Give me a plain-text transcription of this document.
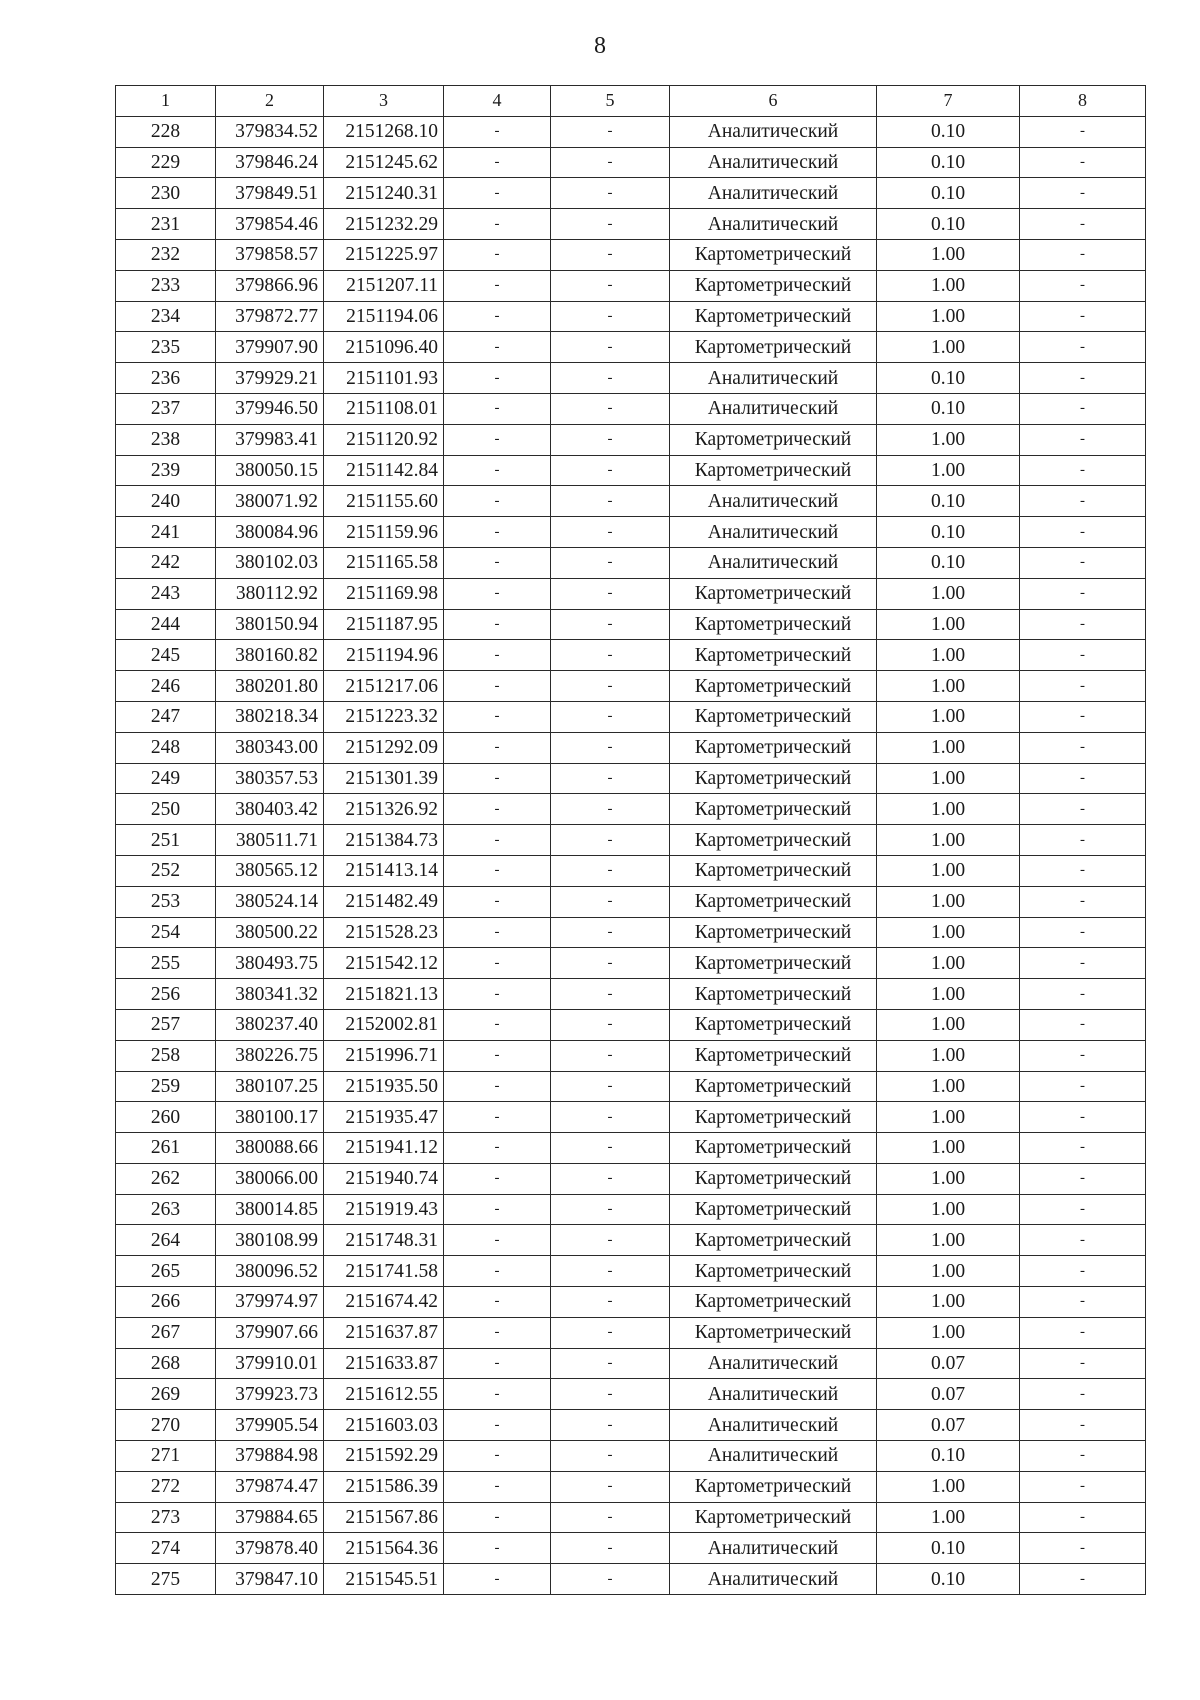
8
1	2	3	4	5	6	7	8
228	379834.52	2151268.10	-	-	Аналитический	0.10	-
229	379846.24	2151245.62	-	-	Аналитический	0.10	-
230	379849.51	2151240.31	-	-	Аналитический	0.10	-
231	379854.46	2151232.29	-	-	Аналитический	0.10	-
232	379858.57	2151225.97	-	-	Картометрический	1.00	-
233	379866.96	2151207.11	-	-	Картометрический	1.00	-
234	379872.77	2151194.06	-	-	Картометрический	1.00	-
235	379907.90	2151096.40	-	-	Картометрический	1.00	-
236	379929.21	2151101.93	-	-	Аналитический	0.10	-
237	379946.50	2151108.01	-	-	Аналитический	0.10	-
238	379983.41	2151120.92	-	-	Картометрический	1.00	-
239	380050.15	2151142.84	-	-	Картометрический	1.00	-
240	380071.92	2151155.60	-	-	Аналитический	0.10	-
241	380084.96	2151159.96	-	-	Аналитический	0.10	-
242	380102.03	2151165.58	-	-	Аналитический	0.10	-
243	380112.92	2151169.98	-	-	Картометрический	1.00	-
244	380150.94	2151187.95	-	-	Картометрический	1.00	-
245	380160.82	2151194.96	-	-	Картометрический	1.00	-
246	380201.80	2151217.06	-	-	Картометрический	1.00	-
247	380218.34	2151223.32	-	-	Картометрический	1.00	-
248	380343.00	2151292.09	-	-	Картометрический	1.00	-
249	380357.53	2151301.39	-	-	Картометрический	1.00	-
250	380403.42	2151326.92	-	-	Картометрический	1.00	-
251	380511.71	2151384.73	-	-	Картометрический	1.00	-
252	380565.12	2151413.14	-	-	Картометрический	1.00	-
253	380524.14	2151482.49	-	-	Картометрический	1.00	-
254	380500.22	2151528.23	-	-	Картометрический	1.00	-
255	380493.75	2151542.12	-	-	Картометрический	1.00	-
256	380341.32	2151821.13	-	-	Картометрический	1.00	-
257	380237.40	2152002.81	-	-	Картометрический	1.00	-
258	380226.75	2151996.71	-	-	Картометрический	1.00	-
259	380107.25	2151935.50	-	-	Картометрический	1.00	-
260	380100.17	2151935.47	-	-	Картометрический	1.00	-
261	380088.66	2151941.12	-	-	Картометрический	1.00	-
262	380066.00	2151940.74	-	-	Картометрический	1.00	-
263	380014.85	2151919.43	-	-	Картометрический	1.00	-
264	380108.99	2151748.31	-	-	Картометрический	1.00	-
265	380096.52	2151741.58	-	-	Картометрический	1.00	-
266	379974.97	2151674.42	-	-	Картометрический	1.00	-
267	379907.66	2151637.87	-	-	Картометрический	1.00	-
268	379910.01	2151633.87	-	-	Аналитический	0.07	-
269	379923.73	2151612.55	-	-	Аналитический	0.07	-
270	379905.54	2151603.03	-	-	Аналитический	0.07	-
271	379884.98	2151592.29	-	-	Аналитический	0.10	-
272	379874.47	2151586.39	-	-	Картометрический	1.00	-
273	379884.65	2151567.86	-	-	Картометрический	1.00	-
274	379878.40	2151564.36	-	-	Аналитический	0.10	-
275	379847.10	2151545.51	-	-	Аналитический	0.10	-
